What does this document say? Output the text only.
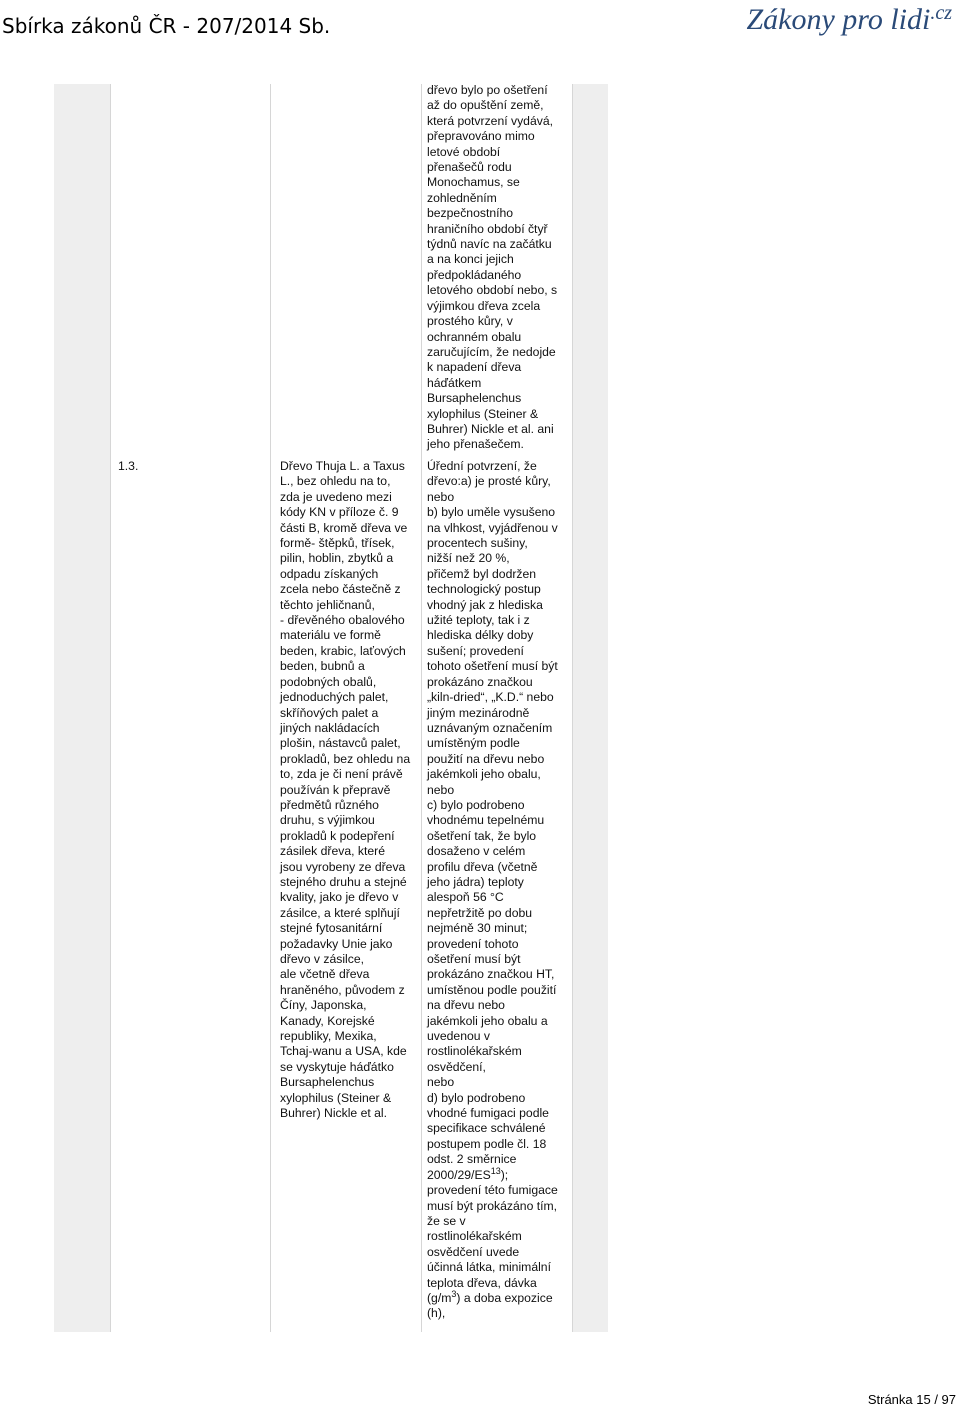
Sbírka zákonů ČR - 207/2014 Sb.	Zákony pro lidi$^{.cz}$
dřevo bylo po ošetření
až do opuštění země,
která potvrzení vydává,
přepravováno mimo
letové období
přenašečů rodu
Monochamus, se
zohledněním
bezpečnostního
hraničního období čtyř
týdnů navíc na začátku
a na konci jejich
předpokládaného
letového období nebo, s
výjimkou dřeva zcela
prostého kůry, v
ochranném obalu
zaručujícím, že nedojde
k napadení dřeva
háďátkem
Bursaphelenchus
xylophilus (Steiner &
Buhrer) Nickle et al. ani
jeho přenašečem.
1.3.	Dřevo Thuja L. a Taxus
L., bez ohledu na to,
zda je uvedeno mezi
kódy KN v příloze č. 9
části B, kromě dřeva ve
formě- štěpků, třísek,
pilin, hoblin, zbytků a
odpadu získaných
zcela nebo částečně z
těchto jehličnanů,
- dřevěného obalového
materiálu ve formě
beden, krabic, laťových
beden, bubnů a
podobných obalů,
jednoduchých palet,
skříňových palet a
jiných nakládacích
plošin, nástavců palet,
prokladů, bez ohledu na
to, zda je či není právě
používán k přepravě
předmětů různého
druhu, s výjimkou
prokladů k podepření
zásilek dřeva, které
jsou vyrobeny ze dřeva
stejného druhu a stejné
kvality, jako je dřevo v
zásilce, a které splňují
stejné fytosanitární
požadavky Unie jako
dřevo v zásilce,
ale včetně dřeva
hraněného, původem z
Číny, Japonska,
Kanady, Korejské
republiky, Mexika,
Tchaj-wanu a USA, kde
se vyskytuje háďátko
Bursaphelenchus
xylophilus (Steiner &
Buhrer) Nickle et al.
Úřední potvrzení, že
dřevo:a) je prosté kůry,
nebo
b) bylo uměle vysušeno
na vlhkost, vyjádřenou v
procentech sušiny,
nižší než 20 %,
přičemž byl dodržen
technologický postup
vhodný jak z hlediska
užité teploty, tak i z
hlediska délky doby
sušení; provedení
tohoto ošetření musí být
prokázáno značkou
„kiln-dried“, „K.D.“ nebo
jiným mezinárodně
uznávaným označením
umístěným podle
použití na dřevu nebo
jakémkoli jeho obalu,
nebo
c) bylo podrobeno
vhodnému tepelnému
ošetření tak, že bylo
dosaženo v celém
profilu dřeva (včetně
jeho jádra) teploty
alespoň 56 °C
nepřetržitě po dobu
nejméně 30 minut;
provedení tohoto
ošetření musí být
prokázáno značkou HT,
umístěnou podle použití
na dřevu nebo
jakémkoli jeho obalu a
uvedenou v
rostlinolékařském
osvědčení,
nebo
d) bylo podrobeno
vhodné fumigaci podle
specifikace schválené
postupem podle čl. 18
odst. 2 směrnice
2000/29/ES$^{13}$);
provedení této fumigace
musí být prokázáno tím,
že se v
rostlinolékařském
osvědčení uvede
účinná látka, minimální
teplota dřeva, dávka
$(g/m^3)$ a doba expozice
(h),
Stránka 15 / 97
